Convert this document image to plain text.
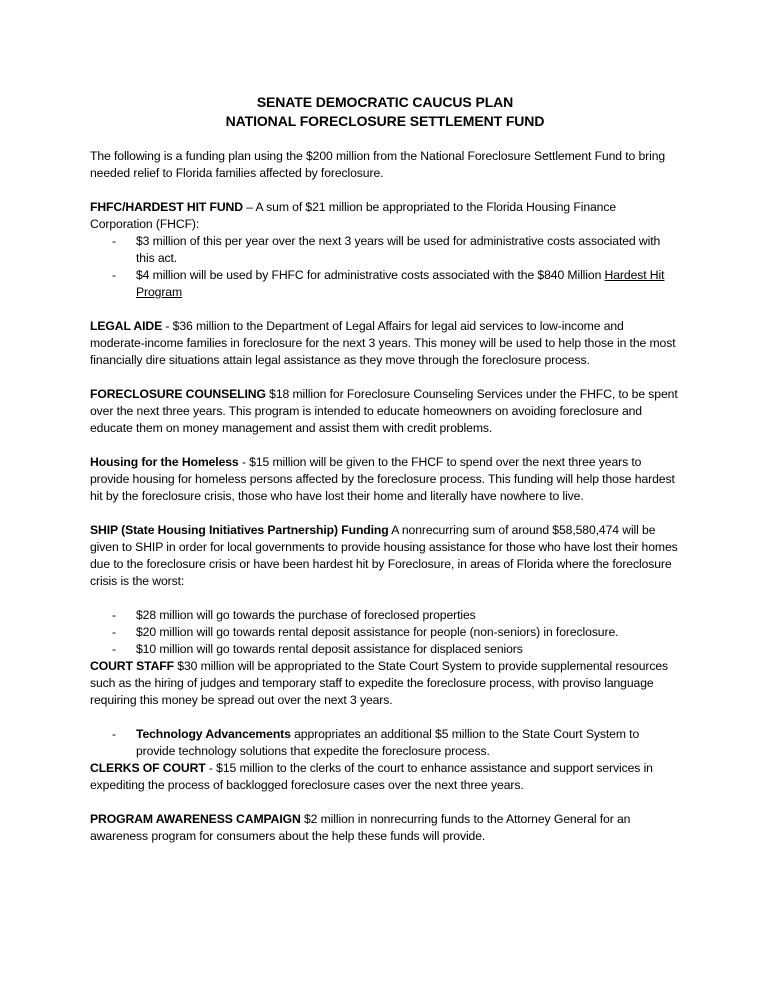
SENATE DEMOCRATIC CAUCUS PLAN
NATIONAL FORECLOSURE SETTLEMENT FUND

The following is a funding plan using the $200 million from the National Foreclosure Settlement Fund to bring needed relief to Florida families affected by foreclosure.

FHFC/HARDEST HIT FUND – A sum of $21 million be appropriated to the Florida Housing Finance Corporation (FHCF):
- $3 million of this per year over the next 3 years will be used for administrative costs associated with this act.
- $4 million will be used by FHFC for administrative costs associated with the $840 Million Hardest Hit Program

LEGAL AIDE - $36 million to the Department of Legal Affairs for legal aid services to low-income and moderate-income families in foreclosure for the next 3 years. This money will be used to help those in the most financially dire situations attain legal assistance as they move through the foreclosure process.

FORECLOSURE COUNSELING $18 million for Foreclosure Counseling Services under the FHFC, to be spent over the next three years. This program is intended to educate homeowners on avoiding foreclosure and educate them on money management and assist them with credit problems.

Housing for the Homeless - $15 million will be given to the FHCF to spend over the next three years to provide housing for homeless persons affected by the foreclosure process. This funding will help those hardest hit by the foreclosure crisis, those who have lost their home and literally have nowhere to live.

SHIP (State Housing Initiatives Partnership) Funding A nonrecurring sum of around $58,580,474 will be given to SHIP in order for local governments to provide housing assistance for those who have lost their homes due to the foreclosure crisis or have been hardest hit by Foreclosure, in areas of Florida where the foreclosure crisis is the worst:

- $28 million will go towards the purchase of foreclosed properties
- $20 million will go towards rental deposit assistance for people (non-seniors) in foreclosure.
- $10 million will go towards rental deposit assistance for displaced seniors

COURT STAFF $30 million will be appropriated to the State Court System to provide supplemental resources such as the hiring of judges and temporary staff to expedite the foreclosure process, with proviso language requiring this money be spread out over the next 3 years.

- Technology Advancements appropriates an additional $5 million to the State Court System to provide technology solutions that expedite the foreclosure process.

CLERKS OF COURT - $15 million to the clerks of the court to enhance assistance and support services in expediting the process of backlogged foreclosure cases over the next three years.

PROGRAM AWARENESS CAMPAIGN $2 million in nonrecurring funds to the Attorney General for an awareness program for consumers about the help these funds will provide.
